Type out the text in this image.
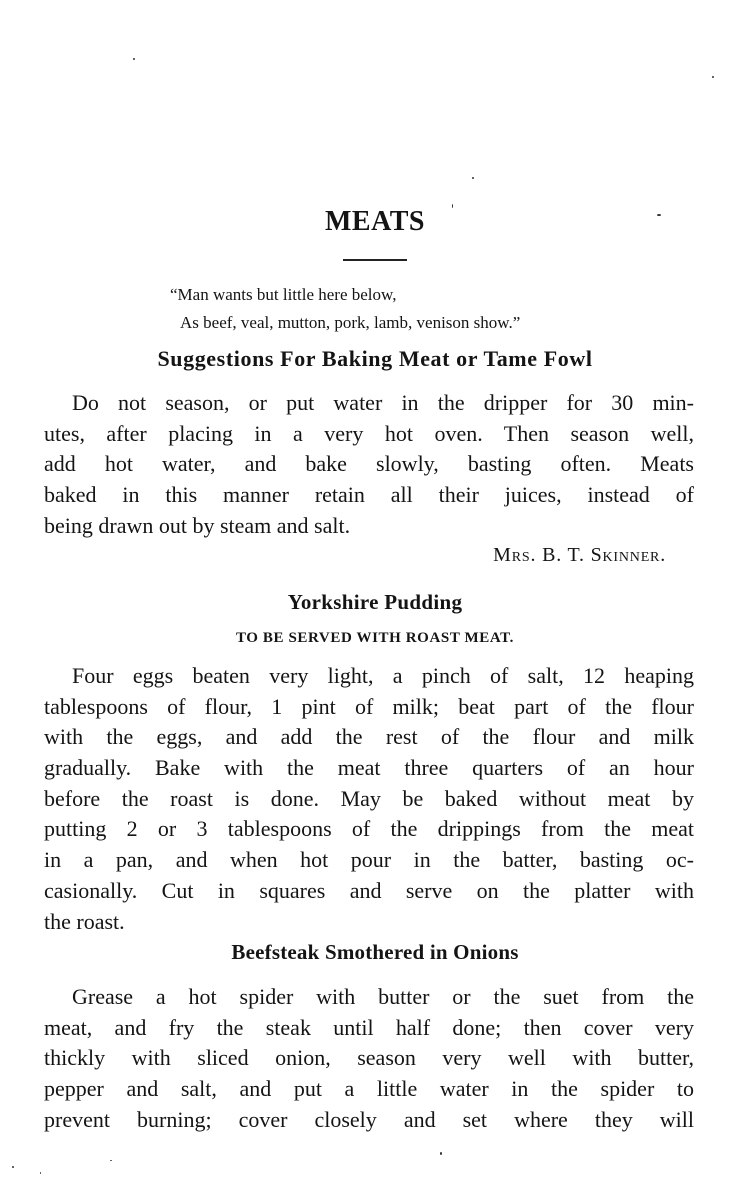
MEATS
“Man wants but little here below,
As beef, veal, mutton, pork, lamb, venison show.”
Suggestions For Baking Meat or Tame Fowl

Do not season, or put water in the dripper for 30 min-
utes, after placing in a very hot oven. Then season well,
add hot water, and bake slowly, basting often. Meats
baked in this manner retain all their juices, instead of
being drawn out by steam and salt.

Mrs. B. T. Skinner.

Yorkshire Pudding

TO BE SERVED WITH ROAST MEAT.

Four eggs beaten very light, a pinch of salt, 12 heaping
tablespoons of flour, 1 pint of milk; beat part of the flour
with the eggs, and add the rest of the flour and milk
gradually. Bake with the meat three quarters of an hour
before the roast is done. May be baked without meat by
putting 2 or 3 tablespoons of the drippings from the meat
in a pan, and when hot pour in the batter, basting oc-
casionally. Cut in squares and serve on the platter with
the roast.

Beefsteak Smothered in Onions

Grease a hot spider with butter or the suet from the
meat, and fry the steak until half done; then cover very
thickly with sliced onion, season very well with butter,
pepper and salt, and put a little water in the spider to
prevent burning; cover closely and set where they will
